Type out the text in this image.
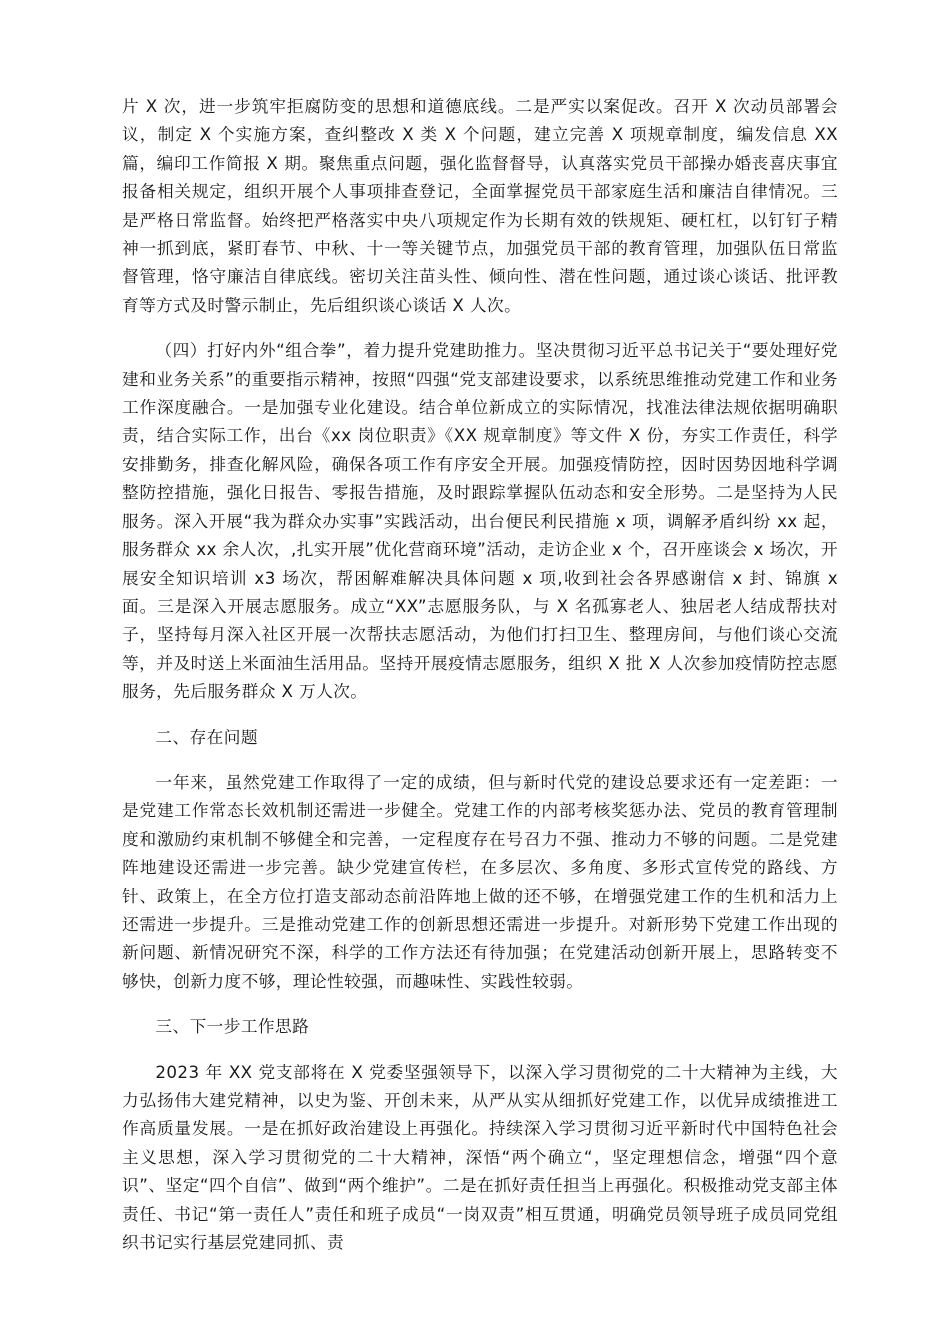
片 X 次，进一步筑牢拒腐防变的思想和道德底线。二是严实以案促改。召开 X 次动员部署会议，制定 X 个实施方案，查纠整改 X 类 X 个问题，建立完善 X 项规章制度，编发信息 XX 篇，编印工作简报 X 期。聚焦重点问题，强化监督督导，认真落实党员干部操办婚丧喜庆事宜报备相关规定，组织开展个人事项排查登记，全面掌握党员干部家庭生活和廉洁自律情况。三是严格日常监督。始终把严格落实中央八项规定作为长期有效的铁规矩、硬杠杠，以钉钉子精神一抓到底，紧盯春节、中秋、十一等关键节点，加强党员干部的教育管理，加强队伍日常监督管理，恪守廉洁自律底线。密切关注苗头性、倾向性、潜在性问题，通过谈心谈话、批评教育等方式及时警示制止，先后组织谈心谈话 X 人次。

（四）打好内外“组合拳”，着力提升党建助推力。坚决贯彻习近平总书记关于“要处理好党建和业务关系”的重要指示精神，按照“四强“党支部建设要求，以系统思维推动党建工作和业务工作深度融合。一是加强专业化建设。结合单位新成立的实际情况，找准法律法规依据明确职责，结合实际工作，出台《xx 岗位职责》《XX 规章制度》等文件 X 份，夯实工作责任，科学安排勤务，排查化解风险，确保各项工作有序安全开展。加强疫情防控，因时因势因地科学调整防控措施，强化日报告、零报告措施，及时跟踪掌握队伍动态和安全形势。二是坚持为人民服务。深入开展“我为群众办实事”实践活动，出台便民利民措施 x 项，调解矛盾纠纷 xx 起，服务群众 xx 余人次，,扎实开展”优化营商环境”活动，走访企业 x 个，召开座谈会 x 场次，开展安全知识培训 x3 场次，帮困解难解决具体问题 x 项,收到社会各界感谢信 x 封、锦旗 x 面。三是深入开展志愿服务。成立“XX”志愿服务队，与 X 名孤寡老人、独居老人结成帮扶对子，坚持每月深入社区开展一次帮扶志愿活动，为他们打扫卫生、整理房间，与他们谈心交流等，并及时送上米面油生活用品。坚持开展疫情志愿服务，组织 X 批 X 人次参加疫情防控志愿服务，先后服务群众 X 万人次。

二、存在问题

一年来，虽然党建工作取得了一定的成绩，但与新时代党的建设总要求还有一定差距：一是党建工作常态长效机制还需进一步健全。党建工作的内部考核奖惩办法、党员的教育管理制度和激励约束机制不够健全和完善，一定程度存在号召力不强、推动力不够的问题。二是党建阵地建设还需进一步完善。缺少党建宣传栏，在多层次、多角度、多形式宣传党的路线、方针、政策上，在全方位打造支部动态前沿阵地上做的还不够，在增强党建工作的生机和活力上还需进一步提升。三是推动党建工作的创新思想还需进一步提升。对新形势下党建工作出现的新问题、新情况研究不深，科学的工作方法还有待加强；在党建活动创新开展上，思路转变不够快，创新力度不够，理论性较强，而趣味性、实践性较弱。

三、下一步工作思路

2023 年 XX 党支部将在 X 党委坚强领导下，以深入学习贯彻党的二十大精神为主线，大力弘扬伟大建党精神，以史为鉴、开创未来，从严从实从细抓好党建工作，以优异成绩推进工作高质量发展。一是在抓好政治建设上再强化。持续深入学习贯彻习近平新时代中国特色社会主义思想，深入学习贯彻党的二十大精神，深悟“两个确立“，坚定理想信念，增强“四个意识”、坚定“四个自信”、做到“两个维护”。二是在抓好责任担当上再强化。积极推动党支部主体责任、书记“第一责任人”责任和班子成员“一岗双责”相互贯通，明确党员领导班子成员同党组织书记实行基层党建同抓、责
